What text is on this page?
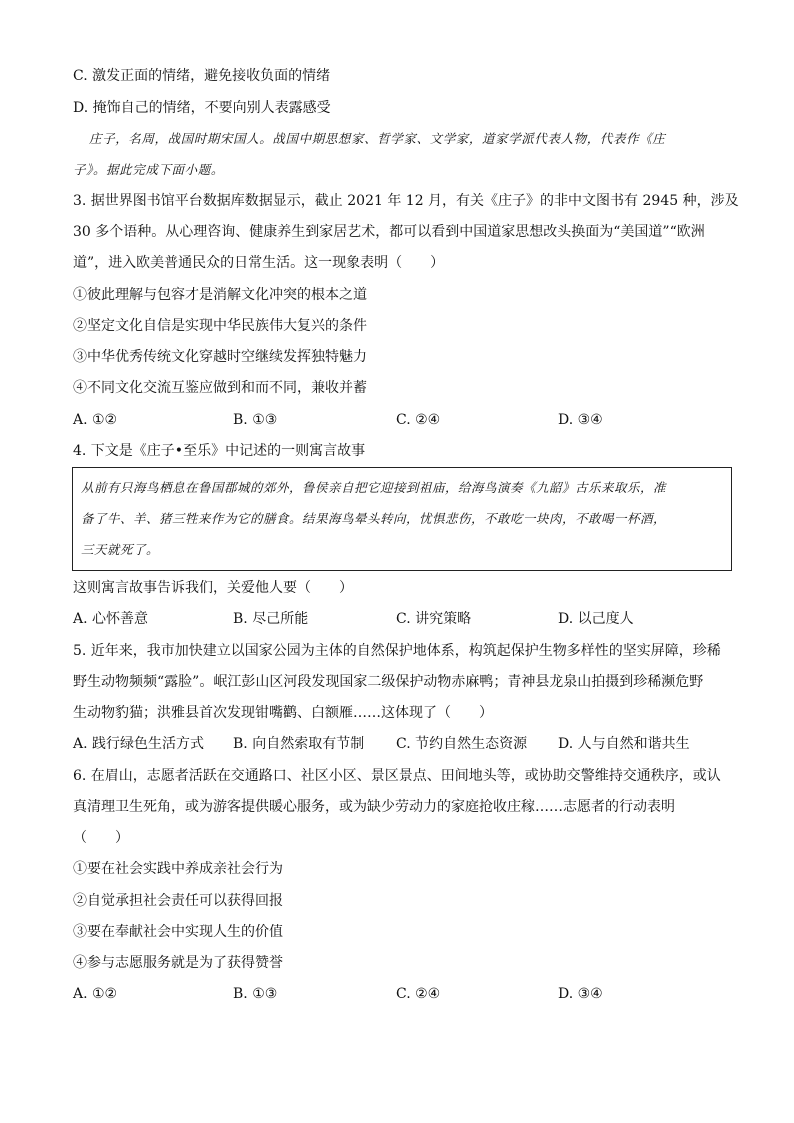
C. 激发正面的情绪，避免接收负面的情绪
D. 掩饰自己的情绪，不要向别人表露感受
庄子，名周，战国时期宋国人。战国中期思想家、哲学家、文学家，道家学派代表人物，代表作《庄
子》。据此完成下面小题。
3. 据世界图书馆平台数据库数据显示，截止 2021 年 12 月，有关《庄子》的非中文图书有 2945 种，涉及
30 多个语种。从心理咨询、健康养生到家居艺术，都可以看到中国道家思想改头换面为“美国道”“欧洲
道”，进入欧美普通民众的日常生活。这一现象表明（　　）
①彼此理解与包容才是消解文化冲突的根本之道
②坚定文化自信是实现中华民族伟大复兴的条件
③中华优秀传统文化穿越时空继续发挥独特魅力
④不同文化交流互鉴应做到和而不同，兼收并蓄
A. ①②	B. ①③	C. ②④	D. ③④
4. 下文是《庄子•至乐》中记述的一则寓言故事
从前有只海鸟栖息在鲁国郡城的郊外，鲁侯亲自把它迎接到祖庙，给海鸟演奏《九韶》古乐来取乐，准
备了牛、羊、猪三牲来作为它的膳食。结果海鸟晕头转向，忧惧悲伤，不敢吃一块肉，不敢喝一杯酒，
三天就死了。
这则寓言故事告诉我们，关爱他人要（　　）
A. 心怀善意	B. 尽己所能	C. 讲究策略	D. 以己度人
5. 近年来，我市加快建立以国家公园为主体的自然保护地体系，构筑起保护生物多样性的坚实屏障，珍稀
野生动物频频“露脸”。岷江彭山区河段发现国家二级保护动物赤麻鸭；青神县龙泉山拍摄到珍稀濒危野
生动物豹猫；洪雅县首次发现钳嘴鹳、白额雁……这体现了（　　）
A. 践行绿色生活方式 B. 向自然索取有节制 C. 节约自然生态资源 D. 人与自然和谐共生
6. 在眉山，志愿者活跃在交通路口、社区小区、景区景点、田间地头等，或协助交警维持交通秩序，或认
真清理卫生死角，或为游客提供暖心服务，或为缺少劳动力的家庭抢收庄稼……志愿者的行动表明
（　　）
①要在社会实践中养成亲社会行为
②自觉承担社会责任可以获得回报
③要在奉献社会中实现人生的价值
④参与志愿服务就是为了获得赞誉
A. ①②	B. ①③	C. ②④	D. ③④
